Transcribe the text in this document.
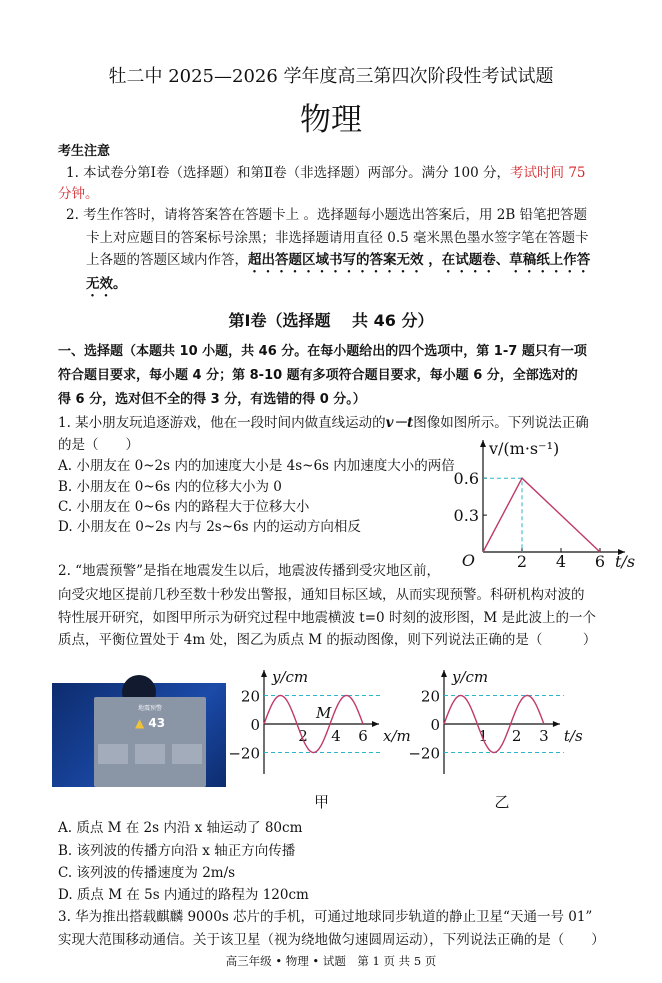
牡二中 2025—2026 学年度高三第四次阶段性考试试题
物理
考生注意
1. 本试卷分第Ⅰ卷（选择题）和第Ⅱ卷（非选择题）两部分。满分 100 分，考试时间 75
分钟。
2. 考生作答时，请将答案答在答题卡上 。选择题每小题选出答案后，用 2B 铅笔把答题
卡上对应题目的答案标号涂黑；非选择题请用直径 0.5 毫米黑色墨水签字笔在答题卡
上各题的答题区域内作答，超出答题区域书写的答案无效 ，在试题卷、草稿纸上作答
无效。
第Ⅰ卷（选择题　 共 46 分）
一、选择题（本题共 10 小题，共 46 分。在每小题给出的四个选项中，第 1-7 题只有一项
符合题目要求，每小题 4 分；第 8-10 题有多项符合题目要求，每小题 6 分，全部选对的
得 6 分，选对但不全的得 3 分，有选错的得 0 分。）
1. 某小朋友玩追逐游戏，他在一段时间内做直线运动的v－t图像如图所示。下列说法正确
的是（　　）
A. 小朋友在 0~2s 内的加速度大小是 4s~6s 内加速度大小的两倍
B. 小朋友在 0~6s 内的位移大小为 0
C. 小朋友在 0~6s 内的路程大于位移大小
D. 小朋友在 0~2s 内与 2s~6s 内的运动方向相反
v/(m·s⁻¹)
O
0.6
0.3
2 4 6 t/s
2. “地震预警”是指在地震发生以后，地震波传播到受灾地区前，
向受灾地区提前几秒至数十秒发出警报，通知目标区域，从而实现预警。科研机构对波的
特性展开研究，如图甲所示为研究过程中地震横波 t=0 时刻的波形图，M 是此波上的一个
质点，平衡位置处于 4m 处，图乙为质点 M 的振动图像，则下列说法正确的是（　　　）
地震预警
▲ 43
y/cm
20
0
−20
2 4 6 x/m
M
甲
y/cm
20
0
−20
1 2 3 t/s
乙
A. 质点 M 在 2s 内沿 x 轴运动了 80cm
B. 该列波的传播方向沿 x 轴正方向传播
C. 该列波的传播速度为 2m/s
D. 质点 M 在 5s 内通过的路程为 120cm
3. 华为推出搭载麒麟 9000s 芯片的手机，可通过地球同步轨道的静止卫星“天通一号 01”
实现大范围移动通信。关于该卫星（视为绕地做匀速圆周运动），下列说法正确的是（　　）
高三年级 • 物理 • 试题　第 1 页 共 5 页
